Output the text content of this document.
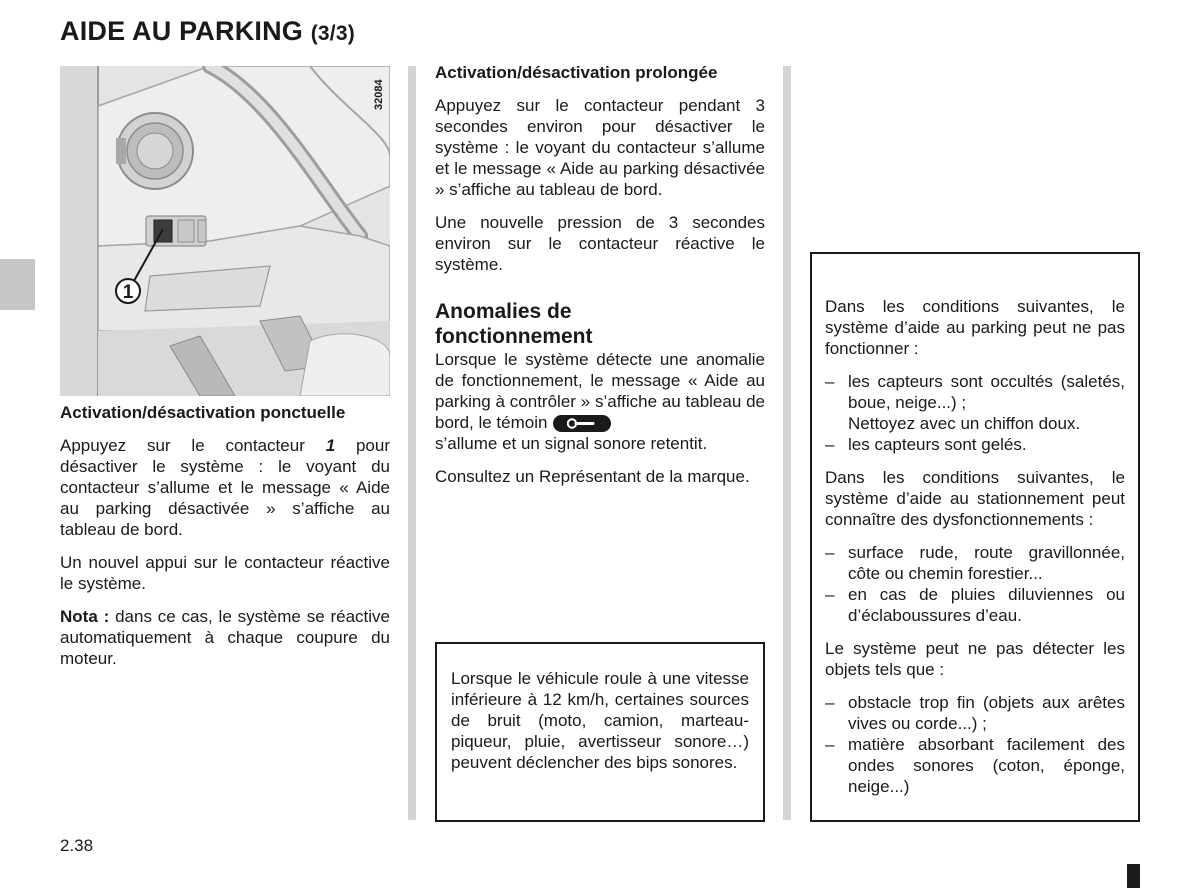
AIDE AU PARKING (3/3)
1
32084

Activation/désactivation ponctuelle

Appuyez sur le contacteur 1 pour désactiver le système : le voyant du contacteur s’allume et le message « Aide au parking désactivée » s’affiche au tableau de bord.

Un nouvel appui sur le contacteur réactive le système.

Nota : dans ce cas, le système se réactive automatiquement à chaque coupure du moteur.

Activation/désactivation prolongée

Appuyez sur le contacteur pendant 3 secondes environ pour désactiver le système : le voyant du contacteur s’allume et le message « Aide au parking désactivée » s’affiche au tableau de bord.

Une nouvelle pression de 3 secondes environ sur le contacteur réactive le système.

Anomalies de
fonctionnement

Lorsque le système détecte une anomalie de fonctionnement, le message « Aide au parking à contrôler » s’affiche au tableau de bord, le témoin

s’allume et un signal sonore retentit.

Consultez un Représentant de la marque.

Lorsque le véhicule roule à une vitesse inférieure à 12 km/h, certaines sources de bruit (moto, camion, marteau-piqueur, pluie, avertisseur sonore…) peuvent déclencher des bips sonores.

Dans les conditions suivantes, le système d’aide au parking peut ne pas fonctionner :

– les capteurs sont occultés (saletés, boue, neige...) ;
Nettoyez avec un chiffon doux.
– les capteurs sont gelés.

Dans les conditions suivantes, le système d’aide au stationnement peut connaître des dysfonctionnements :

– surface rude, route gravillonnée, côte ou chemin forestier...
– en cas de pluies diluviennes ou d’éclaboussures d’eau.

Le système peut ne pas détecter les objets tels que :

– obstacle trop fin (objets aux arêtes vives ou corde...) ;
– matière absorbant facilement des ondes sonores (coton, éponge, neige...)
2.38
